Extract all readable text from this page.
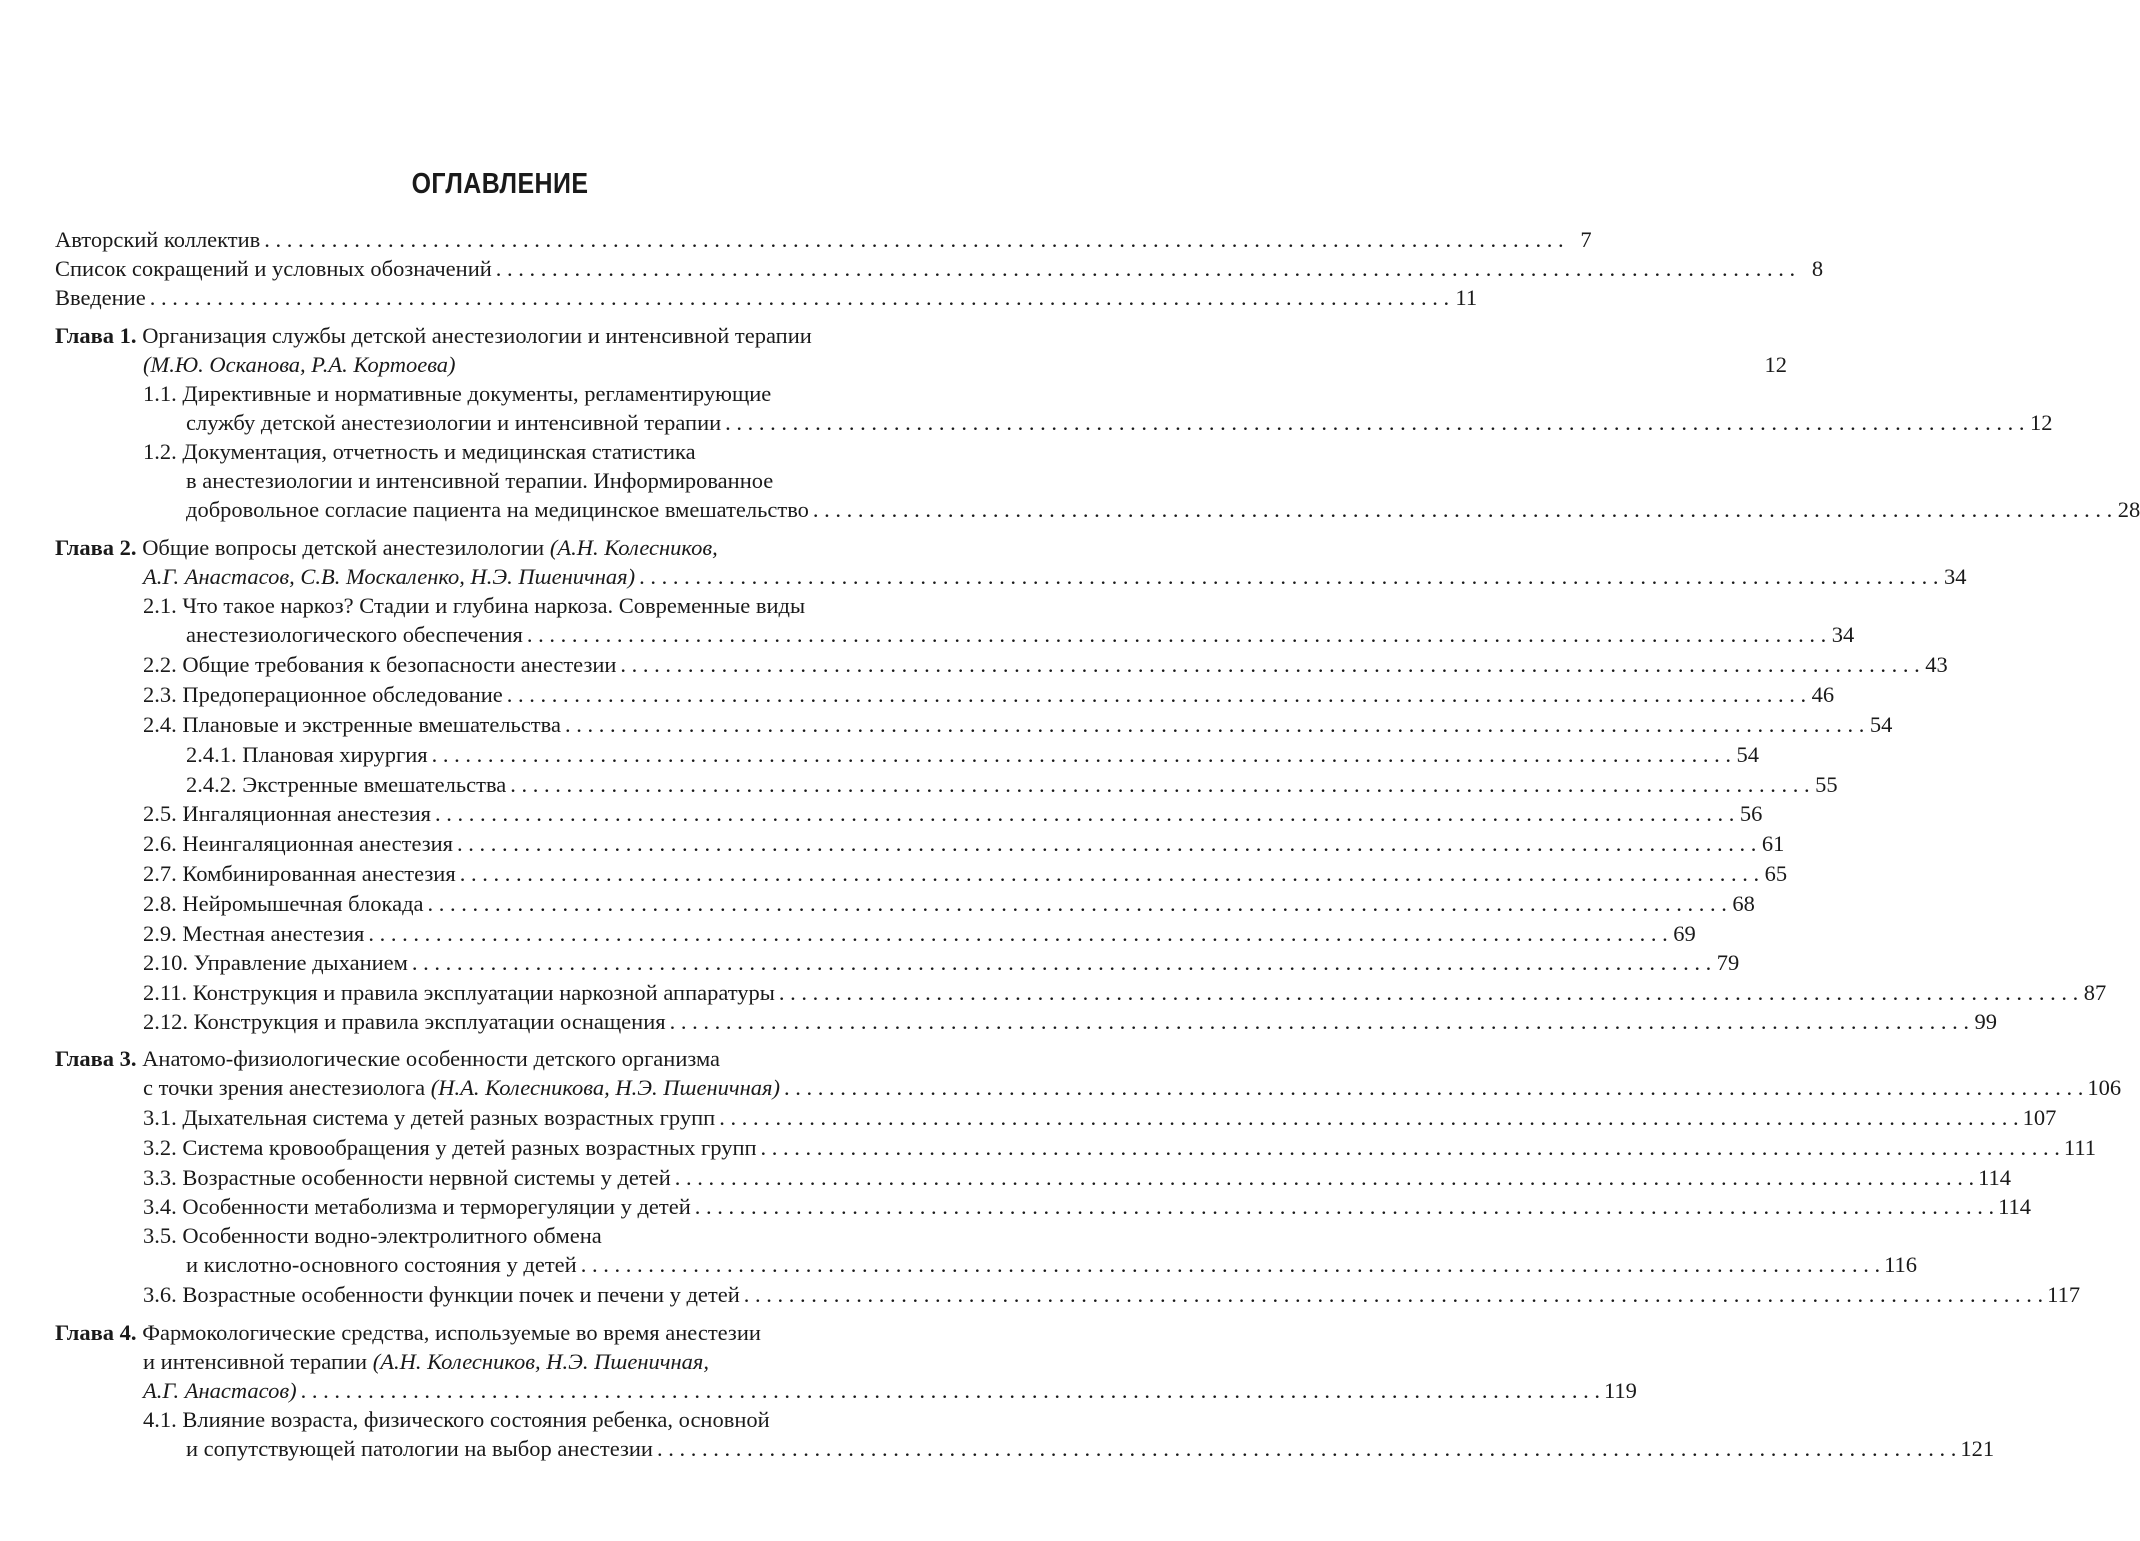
ОГЛАВЛЕНИЕ
Авторский коллектив . . .	7
Список сокращений и условных обозначений . . .	8
Введение . . .	11
Глава 1. Организация службы детской анестезиологии и интенсивной терапии
(М.Ю. Осканова, Р.А. Кортоева)	12
1.1. Директивные и нормативные документы, регламентирующие
службу детской анестезиологии и интенсивной терапии . . .	12
1.2. Документация, отчетность и медицинская статистика
в анестезиологии и интенсивной терапии. Информированное
добровольное согласие пациента на медицинское вмешательство . . .	28
Глава 2. Общие вопросы детской анестезилологии (А.Н. Колесников,
А.Г. Анастасов, С.В. Москаленко, Н.Э. Пшеничная) . . .	34
2.1. Что такое наркоз? Стадии и глубина наркоза. Современные виды
анестезиологического обеспечения . . .	34
2.2. Общие требования к безопасности анестезии . . .	43
2.3. Предоперационное обследование . . .	46
2.4. Плановые и экстренные вмешательства . . .	54
2.4.1. Плановая хирургия . . .	54
2.4.2. Экстренные вмешательства . . .	55
2.5. Ингаляционная анестезия . . .	56
2.6. Неингаляционная анестезия . . .	61
2.7. Комбинированная анестезия . . .	65
2.8. Нейромышечная блокада . . .	68
2.9. Местная анестезия . . .	69
2.10. Управление дыханием . . .	79
2.11. Конструкция и правила эксплуатации наркозной аппаратуры . . .	87
2.12. Конструкция и правила эксплуатации оснащения . . .	99
Глава 3. Анатомо-физиологические особенности детского организма
с точки зрения анестезиолога (Н.А. Колесникова, Н.Э. Пшеничная) . . .	106
3.1. Дыхательная система у детей разных возрастных групп . . .	107
3.2. Система кровообращения у детей разных возрастных групп . . .	111
3.3. Возрастные особенности нервной системы у детей . . .	114
3.4. Особенности метаболизма и терморегуляции у детей . . .	114
3.5. Особенности водно-электролитного обмена
и кислотно-основного состояния у детей . . .	116
3.6. Возрастные особенности функции почек и печени у детей . . .	117
Глава 4. Фармокологические средства, используемые во время анестезии
и интенсивной терапии (А.Н. Колесников, Н.Э. Пшеничная,
А.Г. Анастасов) . . .	119
4.1. Влияние возраста, физического состояния ребенка, основной
и сопутствующей патологии на выбор анестезии . . .	121
